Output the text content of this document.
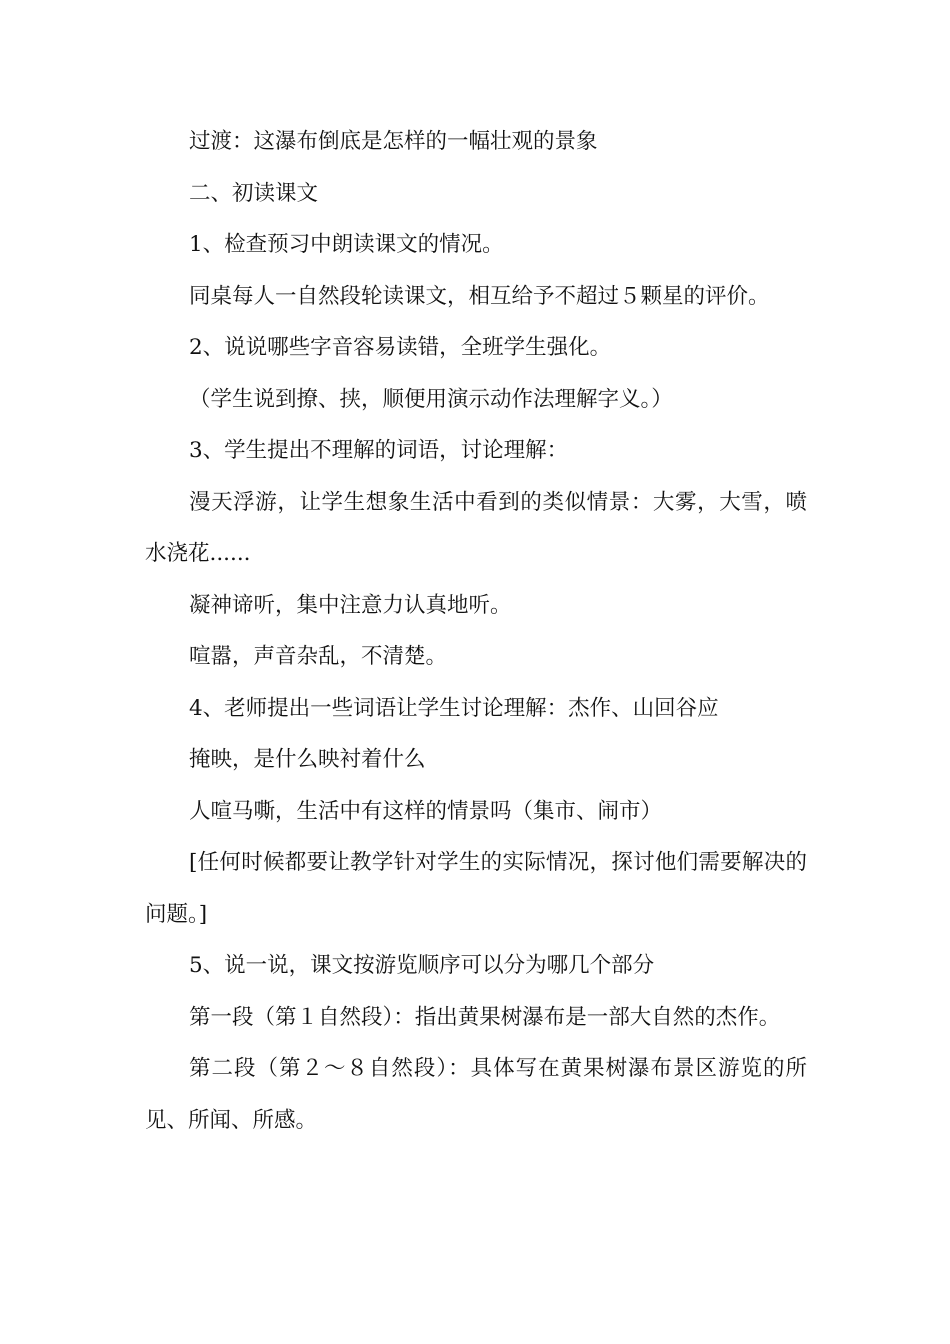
过渡：这瀑布倒底是怎样的一幅壮观的景象

二、初读课文

1、检查预习中朗读课文的情况。

同桌每人一自然段轮读课文，相互给予不超过５颗星的评价。

2、说说哪些字音容易读错，全班学生强化。

（学生说到撩、挟，顺便用演示动作法理解字义。）

3、学生提出不理解的词语，讨论理解：

漫天浮游，让学生想象生活中看到的类似情景：大雾，大雪，喷水浇花......

凝神谛听，集中注意力认真地听。

喧嚣，声音杂乱，不清楚。

4、老师提出一些词语让学生讨论理解：杰作、山回谷应

掩映，是什么映衬着什么

人喧马嘶，生活中有这样的情景吗（集市、闹市）

[任何时候都要让教学针对学生的实际情况，探讨他们需要解决的问题。]

5、说一说，课文按游览顺序可以分为哪几个部分

第一段（第１自然段）：指出黄果树瀑布是一部大自然的杰作。

第二段（第２～８自然段）：具体写在黄果树瀑布景区游览的所见、所闻、所感。
